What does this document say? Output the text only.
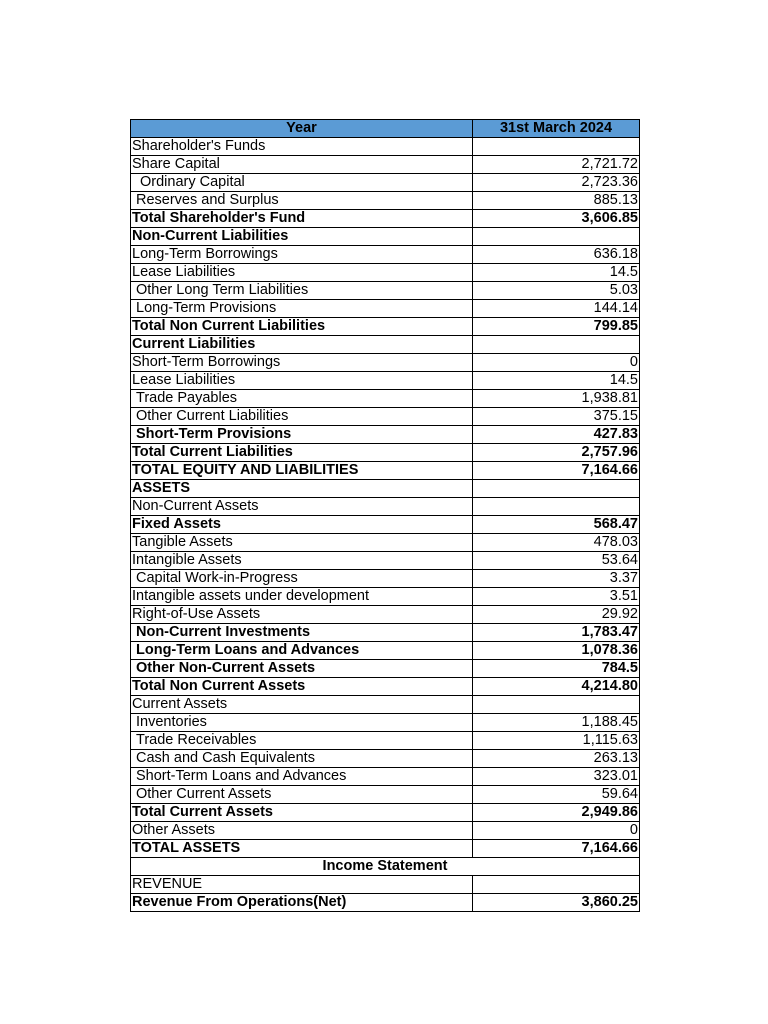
Year	31st March 2024
Shareholder's Funds	
Share Capital	2,721.72
Ordinary Capital	2,723.36
Reserves and Surplus	885.13
Total Shareholder's Fund	3,606.85
Non-Current Liabilities	
Long-Term Borrowings	636.18
Lease Liabilities	14.5
Other Long Term Liabilities	5.03
Long-Term Provisions	144.14
Total Non Current Liabilities	799.85
Current Liabilities	
Short-Term Borrowings	0
Lease Liabilities	14.5
Trade Payables	1,938.81
Other Current Liabilities	375.15
Short-Term Provisions	427.83
Total Current Liabilities	2,757.96
TOTAL EQUITY AND LIABILITIES	7,164.66
ASSETS	
Non-Current Assets	
Fixed Assets	568.47
Tangible Assets	478.03
Intangible Assets	53.64
Capital Work-in-Progress	3.37
Intangible assets under development	3.51
Right-of-Use Assets	29.92
Non-Current Investments	1,783.47
Long-Term Loans and Advances	1,078.36
Other Non-Current Assets	784.5
Total Non Current Assets	4,214.80
Current Assets	
Inventories	1,188.45
Trade Receivables	1,115.63
Cash and Cash Equivalents	263.13
Short-Term Loans and Advances	323.01
Other Current Assets	59.64
Total Current Assets	2,949.86
Other Assets	0
TOTAL ASSETS	7,164.66
Income Statement	
REVENUE	
Revenue From Operations(Net)	3,860.25
